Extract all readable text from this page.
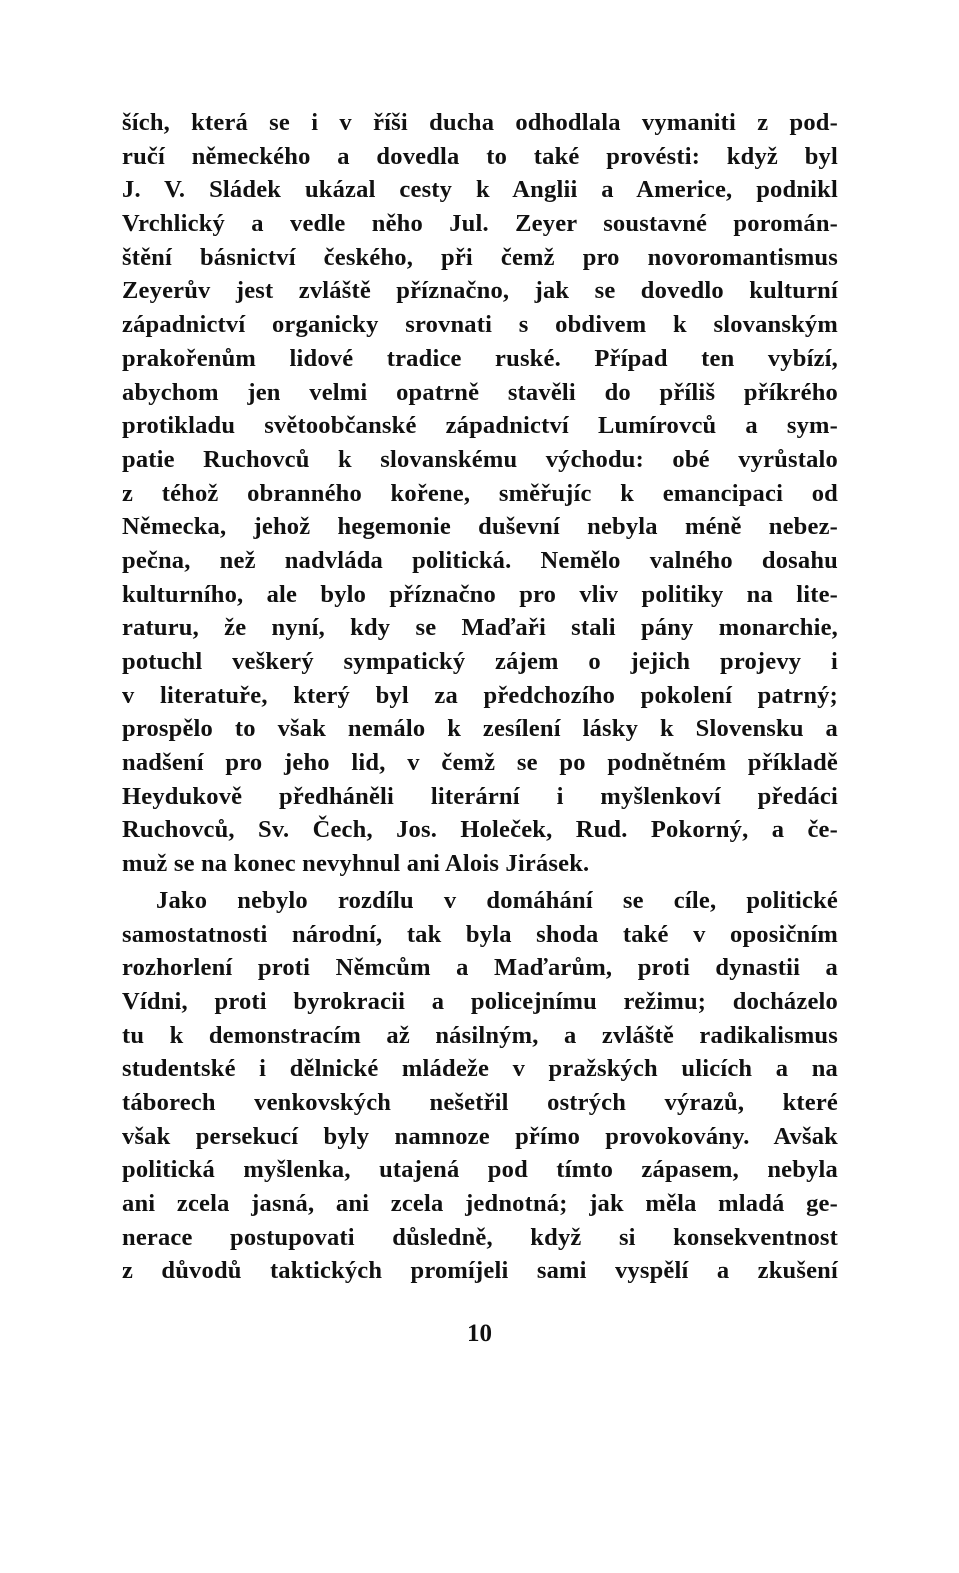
ších, která se i v říši ducha odhodlala vymaniti z pod-
ručí německého a dovedla to také provésti: když byl
J. V. Sládek ukázal cesty k Anglii a Americe, podnikl
Vrchlický a vedle něho Jul. Zeyer soustavné poromán-
štění básnictví českého, při čemž pro novoromantismus
Zeyerův jest zvláště příznačno, jak se dovedlo kulturní
západnictví organicky srovnati s obdivem k slovanským
prakořenům lidové tradice ruské. Případ ten vybízí,
abychom jen velmi opatrně stavěli do příliš příkrého
protikladu světoobčanské západnictví Lumírovců a sym-
patie Ruchovců k slovanskému východu: obé vyrůstalo
z téhož obranného kořene, směřujíc k emancipaci od
Německa, jehož hegemonie duševní nebyla méně nebez-
pečna, než nadvláda politická. Nemělo valného dosahu
kulturního, ale bylo příznačno pro vliv politiky na lite-
raturu, že nyní, kdy se Maďaři stali pány monarchie,
potuchl veškerý sympatický zájem o jejich projevy i
v literatuře, který byl za předchozího pokolení patrný;
prospělo to však nemálo k zesílení lásky k Slovensku a
nadšení pro jeho lid, v čemž se po podnětném příkladě
Heydukově předháněli literární i myšlenkoví předáci
Ruchovců, Sv. Čech, Jos. Holeček, Rud. Pokorný, a če-
muž se na konec nevyhnul ani Alois Jirásek.
Jako nebylo rozdílu v domáhání se cíle, politické
samostatnosti národní, tak byla shoda také v oposičním
rozhorlení proti Němcům a Maďarům, proti dynastii a
Vídni, proti byrokracii a policejnímu režimu; docházelo
tu k demonstracím až násilným, a zvláště radikalismus
studentské i dělnické mládeže v pražských ulicích a na
táborech venkovských nešetřil ostrých výrazů, které
však persekucí byly namnoze přímo provokovány. Avšak
politická myšlenka, utajená pod tímto zápasem, nebyla
ani zcela jasná, ani zcela jednotná; jak měla mladá ge-
nerace postupovati důsledně, když si konsekventnost
z důvodů taktických promíjeli sami vyspělí a zkušení
10
